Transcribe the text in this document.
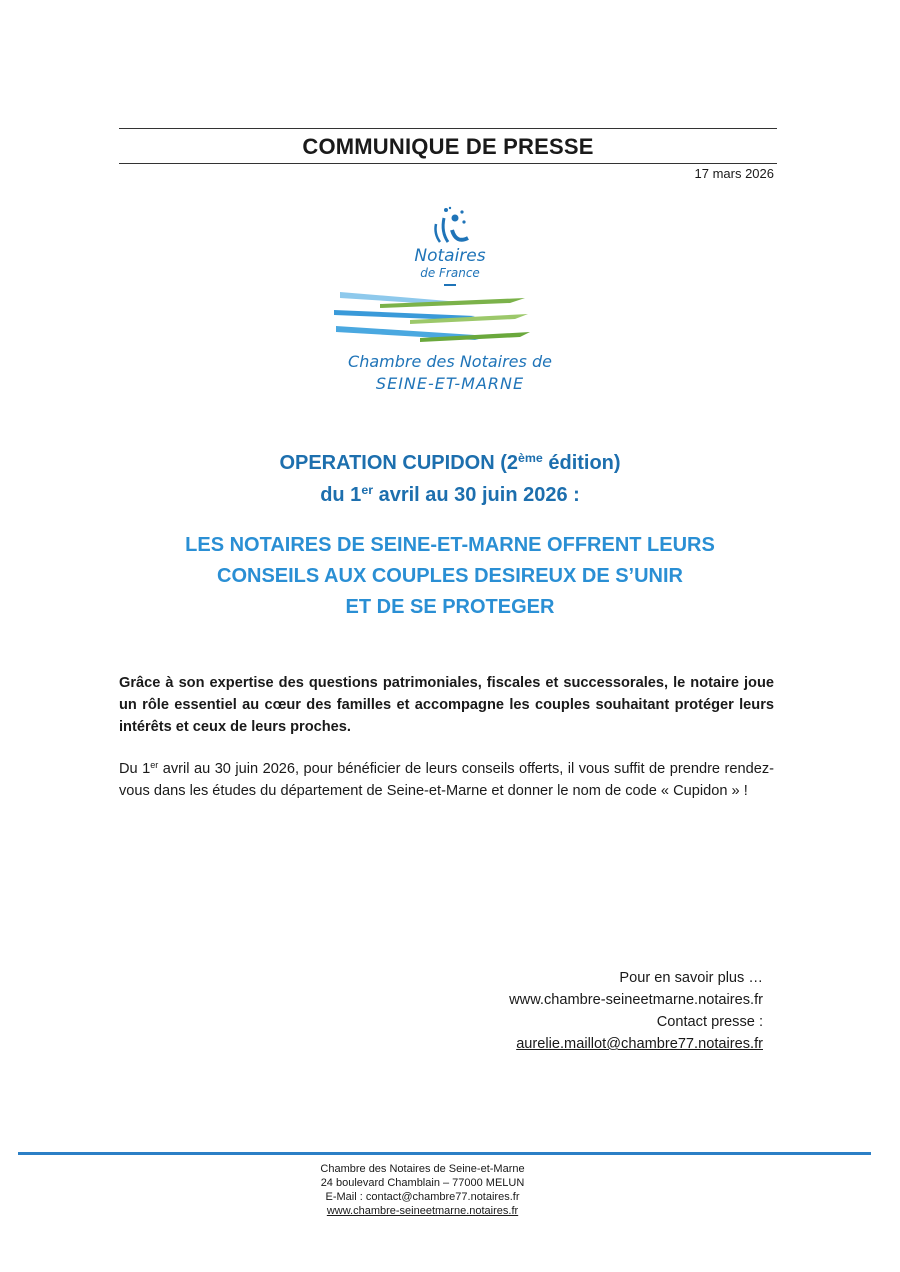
COMMUNIQUE DE PRESSE
17 mars 2026
Notaires
de France
Chambre des Notaires de
SEINE-ET-MARNE
OPERATION CUPIDON (2ème édition)
du 1er avril au 30 juin 2026 :
LES NOTAIRES DE SEINE-ET-MARNE OFFRENT LEURS
CONSEILS AUX COUPLES DESIREUX DE S’UNIR
ET DE SE PROTEGER

Grâce à son expertise des questions patrimoniales, fiscales et successorales, le notaire joue un rôle essentiel au cœur des familles et accompagne les couples souhaitant protéger leurs intérêts et ceux de leurs proches.

Du 1er avril au 30 juin 2026, pour bénéficier de leurs conseils offerts, il vous suffit de prendre rendez-vous dans les études du département de Seine-et-Marne et donner le nom de code « Cupidon » !

Pour en savoir plus …
www.chambre-seineetmarne.notaires.fr
Contact presse :
aurelie.maillot@chambre77.notaires.fr
Chambre des Notaires de Seine-et-Marne
24 boulevard Chamblain – 77000 MELUN
E-Mail : contact@chambre77.notaires.fr
www.chambre-seineetmarne.notaires.fr
